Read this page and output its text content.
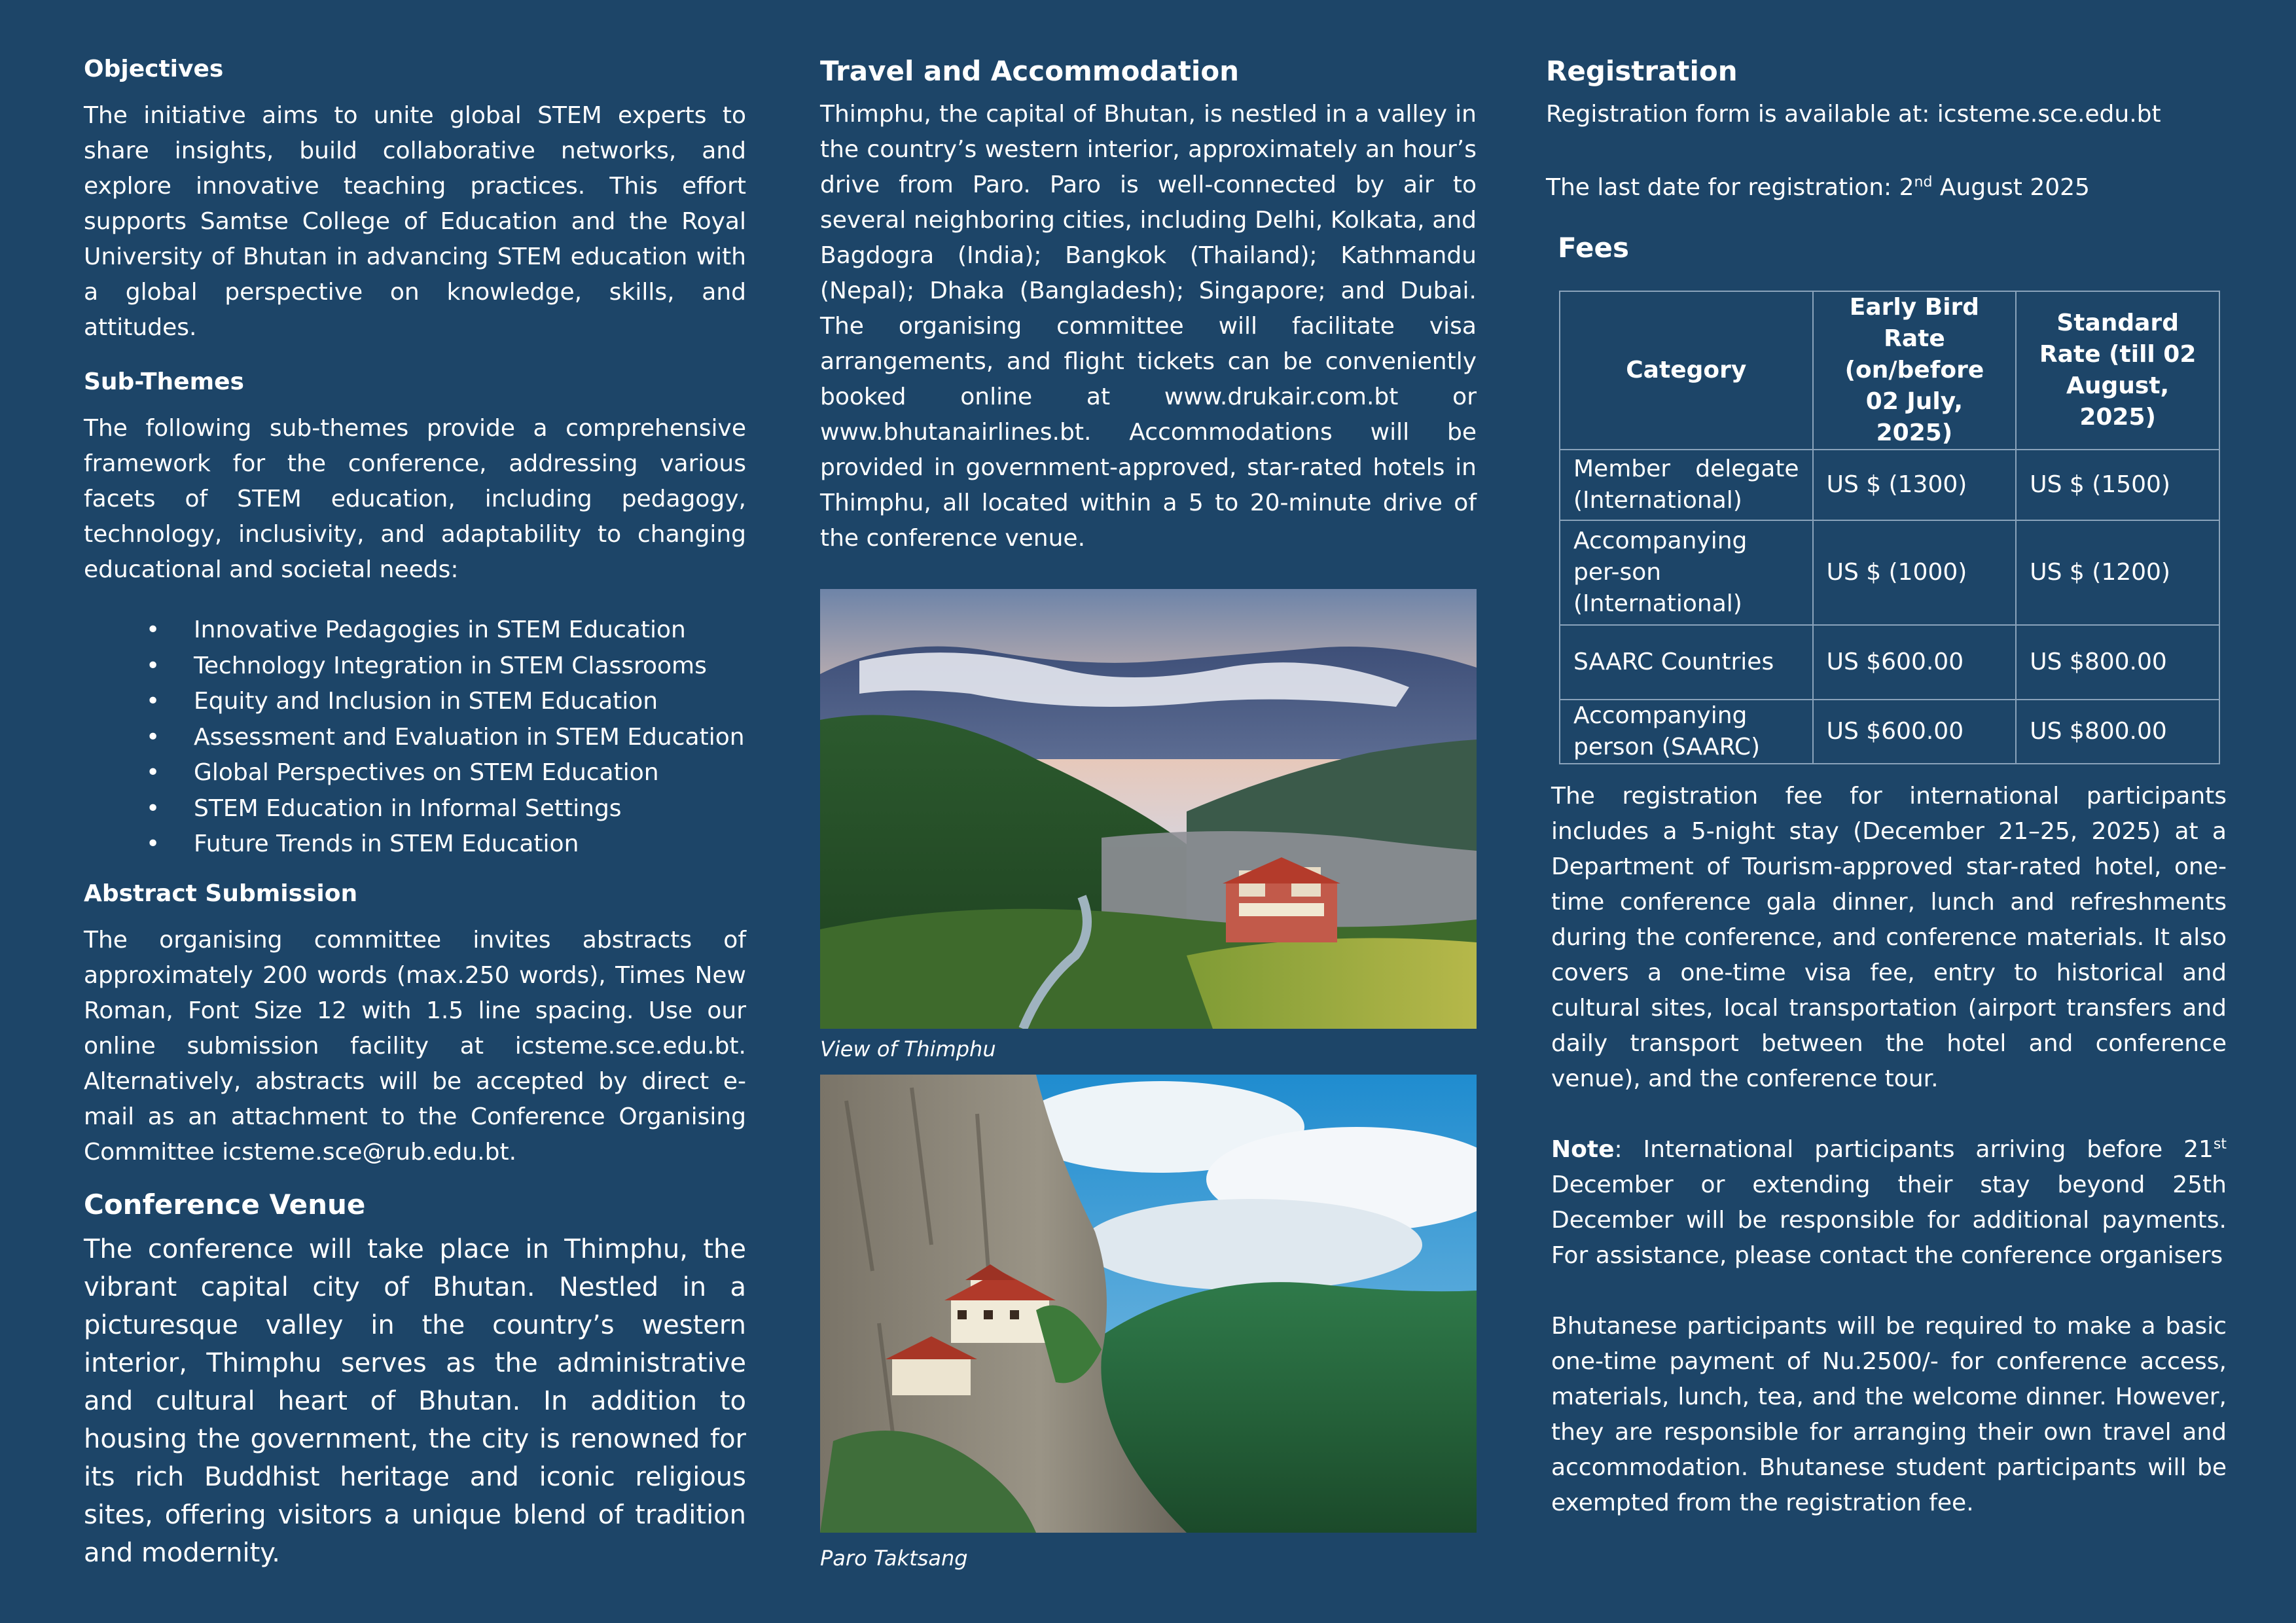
Objectives

The initiative aims to unite global STEM experts to share insights, build collaborative networks, and explore innovative teaching practices. This effort supports Samtse College of Education and the Royal University of Bhutan in advancing STEM education with a global perspective on knowledge, skills, and attitudes.

Sub-Themes

The following sub-themes provide a comprehensive framework for the conference, addressing various facets of STEM education, including pedagogy, technology, inclusivity, and adaptability to changing educational and societal needs:

• Innovative Pedagogies in STEM Education
• Technology Integration in STEM Classrooms
• Equity and Inclusion in STEM Education
• Assessment and Evaluation in STEM Education
• Global Perspectives on STEM Education
• STEM Education in Informal Settings
• Future Trends in STEM Education
Abstract Submission

The organising committee invites abstracts of approximately 200 words (max.250 words), Times New Roman, Font Size 12 with 1.5 line spacing. Use our online submission facility at icsteme.sce.edu.bt. Alternatively, abstracts will be accepted by direct e-mail as an attachment to the Conference Organising Committee icsteme.sce@rub.edu.bt.

Conference Venue

The conference will take place in Thimphu, the vibrant capital city of Bhutan. Nestled in a picturesque valley in the country’s western interior, Thimphu serves as the administrative and cultural heart of Bhutan. In addition to housing the government, the city is renowned for its rich Buddhist heritage and iconic religious sites, offering visitors a unique blend of tradition and modernity.

Travel and Accommodation

Thimphu, the capital of Bhutan, is nestled in a valley in the country’s western interior, approximately an hour’s drive from Paro. Paro is well-connected by air to several neighboring cities, including Delhi, Kolkata, and Bagdogra (India); Bangkok (Thailand); Kathmandu (Nepal); Dhaka (Bangladesh); Singapore; and Dubai. The organising committee will facilitate visa arrangements, and flight tickets can be conveniently booked online at www.drukair.com.bt or www.bhutanairlines.bt. Accommodations will be provided in government-approved, star-rated hotels in Thimphu, all located within a 5 to 20-minute drive of the conference venue.

View of Thimphu
Paro Taktsang
Registration

Registration form is available at: icsteme.sce.edu.bt

The last date for registration: 2nd August 2025

Fees
Category	Early Bird Rate (on/before 02 July, 2025)	Standard Rate (till 02 August, 2025)
Member delegate (International)	US $ (1300)	US $ (1500)
Accompanying per-son (International)	US $ (1000)	US $ (1200)
SAARC Countries	US $600.00	US $800.00
Accompanying person (SAARC)	US $600.00	US $800.00

The registration fee for international participants includes a 5-night stay (December 21–25, 2025) at a Department of Tourism-approved star-rated hotel, one-time conference gala dinner, lunch and refreshments during the conference, and conference materials. It also covers a one-time visa fee, entry to historical and cultural sites, local transportation (airport transfers and daily transport between the hotel and conference venue), and the conference tour.

Note: International participants arriving before 21st December or extending their stay beyond 25th December will be responsible for additional payments. For assistance, please contact the conference organisers

Bhutanese participants will be required to make a basic one-time payment of Nu.2500/- for conference access, materials, lunch, tea, and the welcome dinner. However, they are responsible for arranging their own travel and accommodation. Bhutanese student participants will be exempted from the registration fee.
